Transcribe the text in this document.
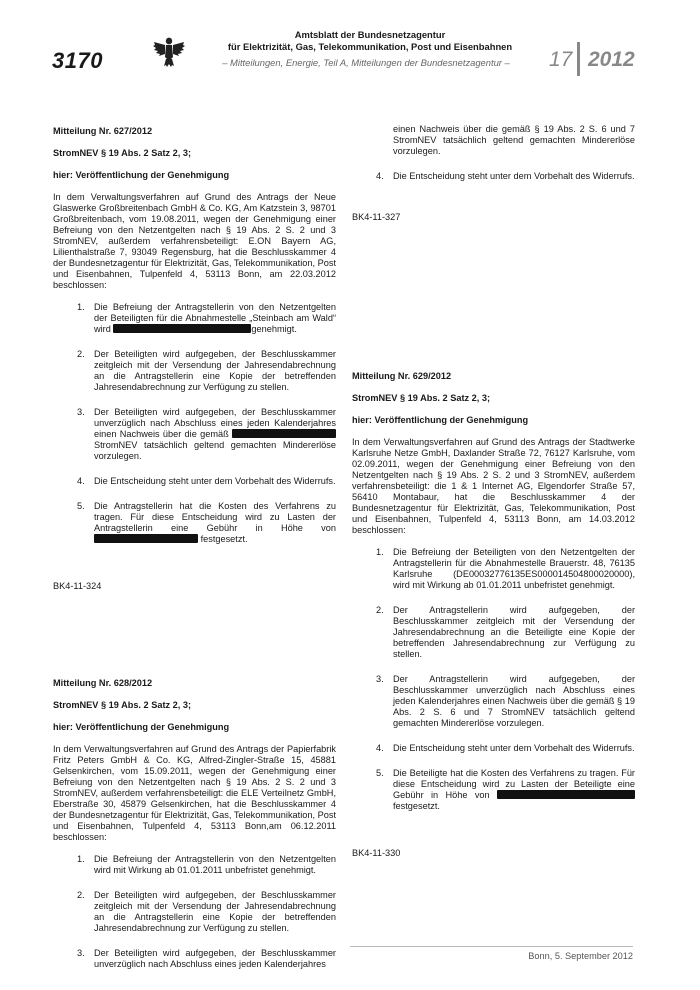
3170
Amtsblatt der Bundesnetzagentur
für Elektrizität, Gas, Telekommunikation, Post und Eisenbahnen
– Mitteilungen, Energie, Teil A, Mitteilungen der Bundesnetzagentur –	17 2012

Mitteilung Nr. 627/2012

StromNEV § 19 Abs. 2 Satz 2, 3;

hier: Veröffentlichung der Genehmigung

In dem Verwaltungsverfahren auf Grund des Antrags der Neue Glaswerke Großbreitenbach GmbH & Co. KG, Am Katzstein 3, 98701 Großbreitenbach, vom 19.08.2011, wegen der Genehmigung einer Befreiung von den Netzentgelten nach § 19 Abs. 2 S. 2 und 3 StromNEV, außerdem verfahrensbeteiligt: E.ON Bayern AG, Lilienthalstraße 7, 93049 Regensburg, hat die Beschlusskammer 4 der Bundesnetzagentur für Elektrizität, Gas, Telekommunikation, Post und Eisenbahnen, Tulpenfeld 4, 53113 Bonn, am 22.03.2012 beschlossen:

1. Die Befreiung der Antragstellerin von den Netzentgelten der Beteiligten für die Abnahmestelle „Steinbach am Wald“ wird	genehmigt.
2. Der Beteiligten wird aufgegeben, der Beschlusskammer zeitgleich mit der Versendung der Jahresendabrechnung an die Antragstellerin eine Kopie der betreffenden Jahresendabrechnung zur Verfügung zu stellen.
3. Der Beteiligten wird aufgegeben, der Beschlusskammer unverzüglich nach Abschluss eines jeden Kalenderjahres einen Nachweis über die gemäß  StromNEV tatsächlich geltend gemachten Mindererlöse vorzulegen.
4. Die Entscheidung steht unter dem Vorbehalt des Widerrufs.
5. Die Antragstellerin hat die Kosten des Verfahrens zu tragen. Für diese Entscheidung wird zu Lasten der Antragstellerin eine Gebühr in Höhe von  festgesetzt.

BK4-11-324

Mitteilung Nr. 628/2012

StromNEV § 19 Abs. 2 Satz 2, 3;

hier: Veröffentlichung der Genehmigung

In dem Verwaltungsverfahren auf Grund des Antrags der Papierfabrik Fritz Peters GmbH & Co. KG, Alfred-Zingler-Straße 15, 45881 Gelsenkirchen, vom 15.09.2011, wegen der Genehmigung einer Befreiung von den Netzentgelten nach § 19 Abs. 2 S. 2 und 3 StromNEV, außerdem verfahrensbeteiligt: die ELE Verteilnetz GmbH, Eberstraße 30, 45879 Gelsenkirchen, hat die Beschlusskammer 4 der Bundesnetzagentur für Elektrizität, Gas, Telekommunikation, Post und Eisenbahnen, Tulpenfeld 4, 53113 Bonn,am 06.12.2011 beschlossen:

1. Die Befreiung der Antragstellerin von den Netzentgelten wird mit Wirkung ab 01.01.2011 unbefristet genehmigt.
2. Der Beteiligten wird aufgegeben, der Beschlusskammer zeitgleich mit der Versendung der Jahresendabrechnung an die Antragstellerin eine Kopie der betreffenden Jahresendabrechnung zur Verfügung zu stellen.
3. Der Beteiligten wird aufgegeben, der Beschlusskammer unverzüglich nach Abschluss eines jeden Kalenderjahres

einen Nachweis über die gemäß § 19 Abs. 2 S. 6 und 7 StromNEV tatsächlich geltend gemachten Mindererlöse vorzulegen.

4. Die Entscheidung steht unter dem Vorbehalt des Widerrufs.

BK4-11-327

Mitteilung Nr. 629/2012

StromNEV § 19 Abs. 2 Satz 2, 3;

hier: Veröffentlichung der Genehmigung

In dem Verwaltungsverfahren auf Grund des Antrags der Stadtwerke Karlsruhe Netze GmbH, Daxlander Straße 72, 76127 Karlsruhe, vom 02.09.2011, wegen der Genehmigung einer Befreiung von den Netzentgelten nach § 19 Abs. 2 S. 2 und 3 StromNEV, außerdem verfahrensbeteiligt: die 1 & 1 Internet AG, Elgendorfer Straße 57, 56410 Montabaur, hat die Beschlusskammer 4 der Bundesnetzagentur für Elektrizität, Gas, Telekommunikation, Post und Eisenbahnen, Tulpenfeld 4, 53113 Bonn, am 14.03.2012 beschlossen:

1. Die Befreiung der Beteiligten von den Netzentgelten der Antragstellerin für die Abnahmestelle Brauerstr. 48, 76135 Karlsruhe (DE00032776135ES000014504800020000), wird mit Wirkung ab 01.01.2011 unbefristet genehmigt.
2. Der Antragstellerin wird aufgegeben, der Beschlusskammer zeitgleich mit der Versendung der Jahresendabrechnung an die Beteiligte eine Kopie der betreffenden Jahresendabrechnung zur Verfügung zu stellen.
3. Der Antragstellerin wird aufgegeben, der Beschlusskammer unverzüglich nach Abschluss eines jeden Kalenderjahres einen Nachweis über die gemäß § 19 Abs. 2 S. 6 und 7 StromNEV tatsächlich geltend gemachten Mindererlöse vorzulegen.
4. Die Entscheidung steht unter dem Vorbehalt des Widerrufs.
5. Die Beteiligte hat die Kosten des Verfahrens zu tragen. Für diese Entscheidung wird zu Lasten der Beteiligte eine Gebühr in Höhe von  festgesetzt.

BK4-11-330

Bonn, 5. September 2012
